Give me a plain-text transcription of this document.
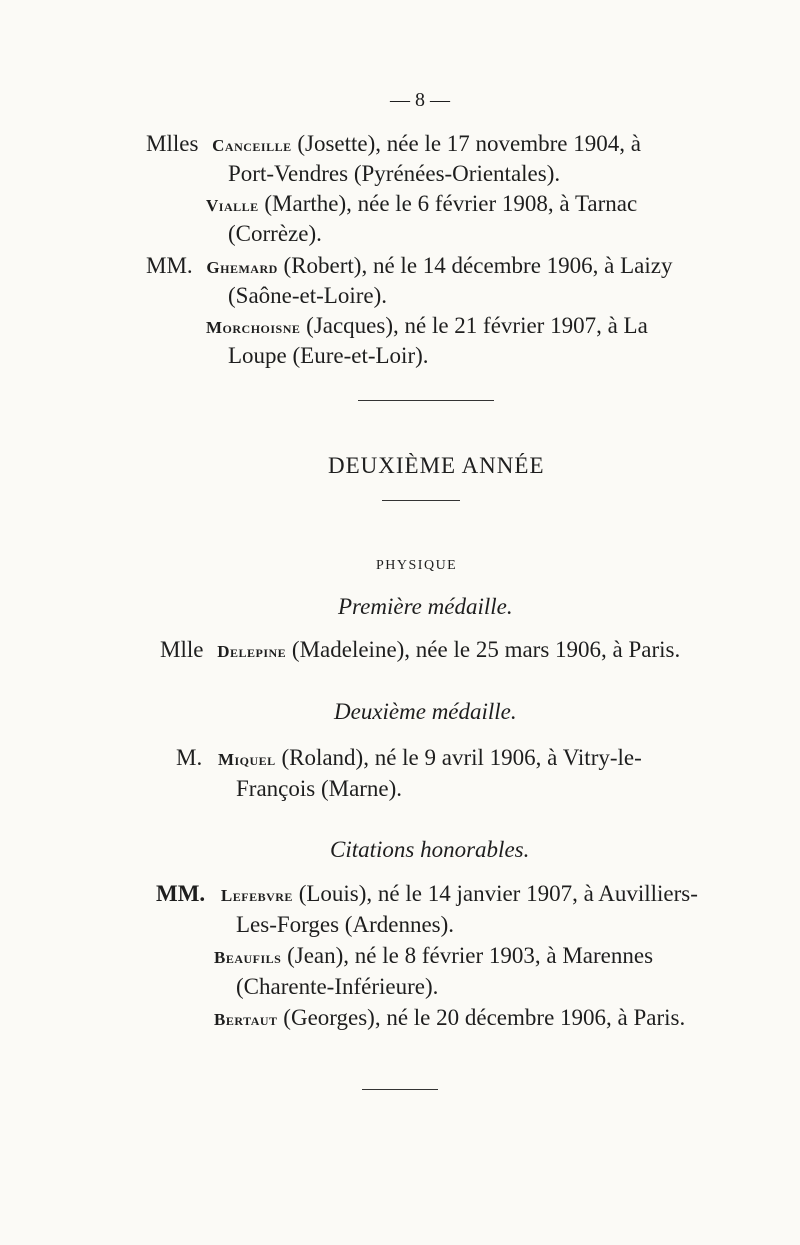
— 8 —
Mlles Canceille (Josette), née le 17 novembre 1904, à
Port-Vendres (Pyrénées-Orientales).
Vialle (Marthe), née le 6 février 1908, à Tarnac
(Corrèze).
MM. Ghemard (Robert), né le 14 décembre 1906, à Laizy
(Saône-et-Loire).
Morchoisne (Jacques), né le 21 février 1907, à La
Loupe (Eure-et-Loir).
DEUXIÈME ANNÉE
PHYSIQUE
Première médaille.
Mlle Delepine (Madeleine), née le 25 mars 1906, à Paris.
Deuxième médaille.
M. Miquel (Roland), né le 9 avril 1906, à Vitry-le-
François (Marne).
Citations honorables.
MM. Lefebvre (Louis), né le 14 janvier 1907, à Auvilliers-
Les-Forges (Ardennes).
Beaufils (Jean), né le 8 février 1903, à Marennes
(Charente-Inférieure).
Bertaut (Georges), né le 20 décembre 1906, à Paris.
